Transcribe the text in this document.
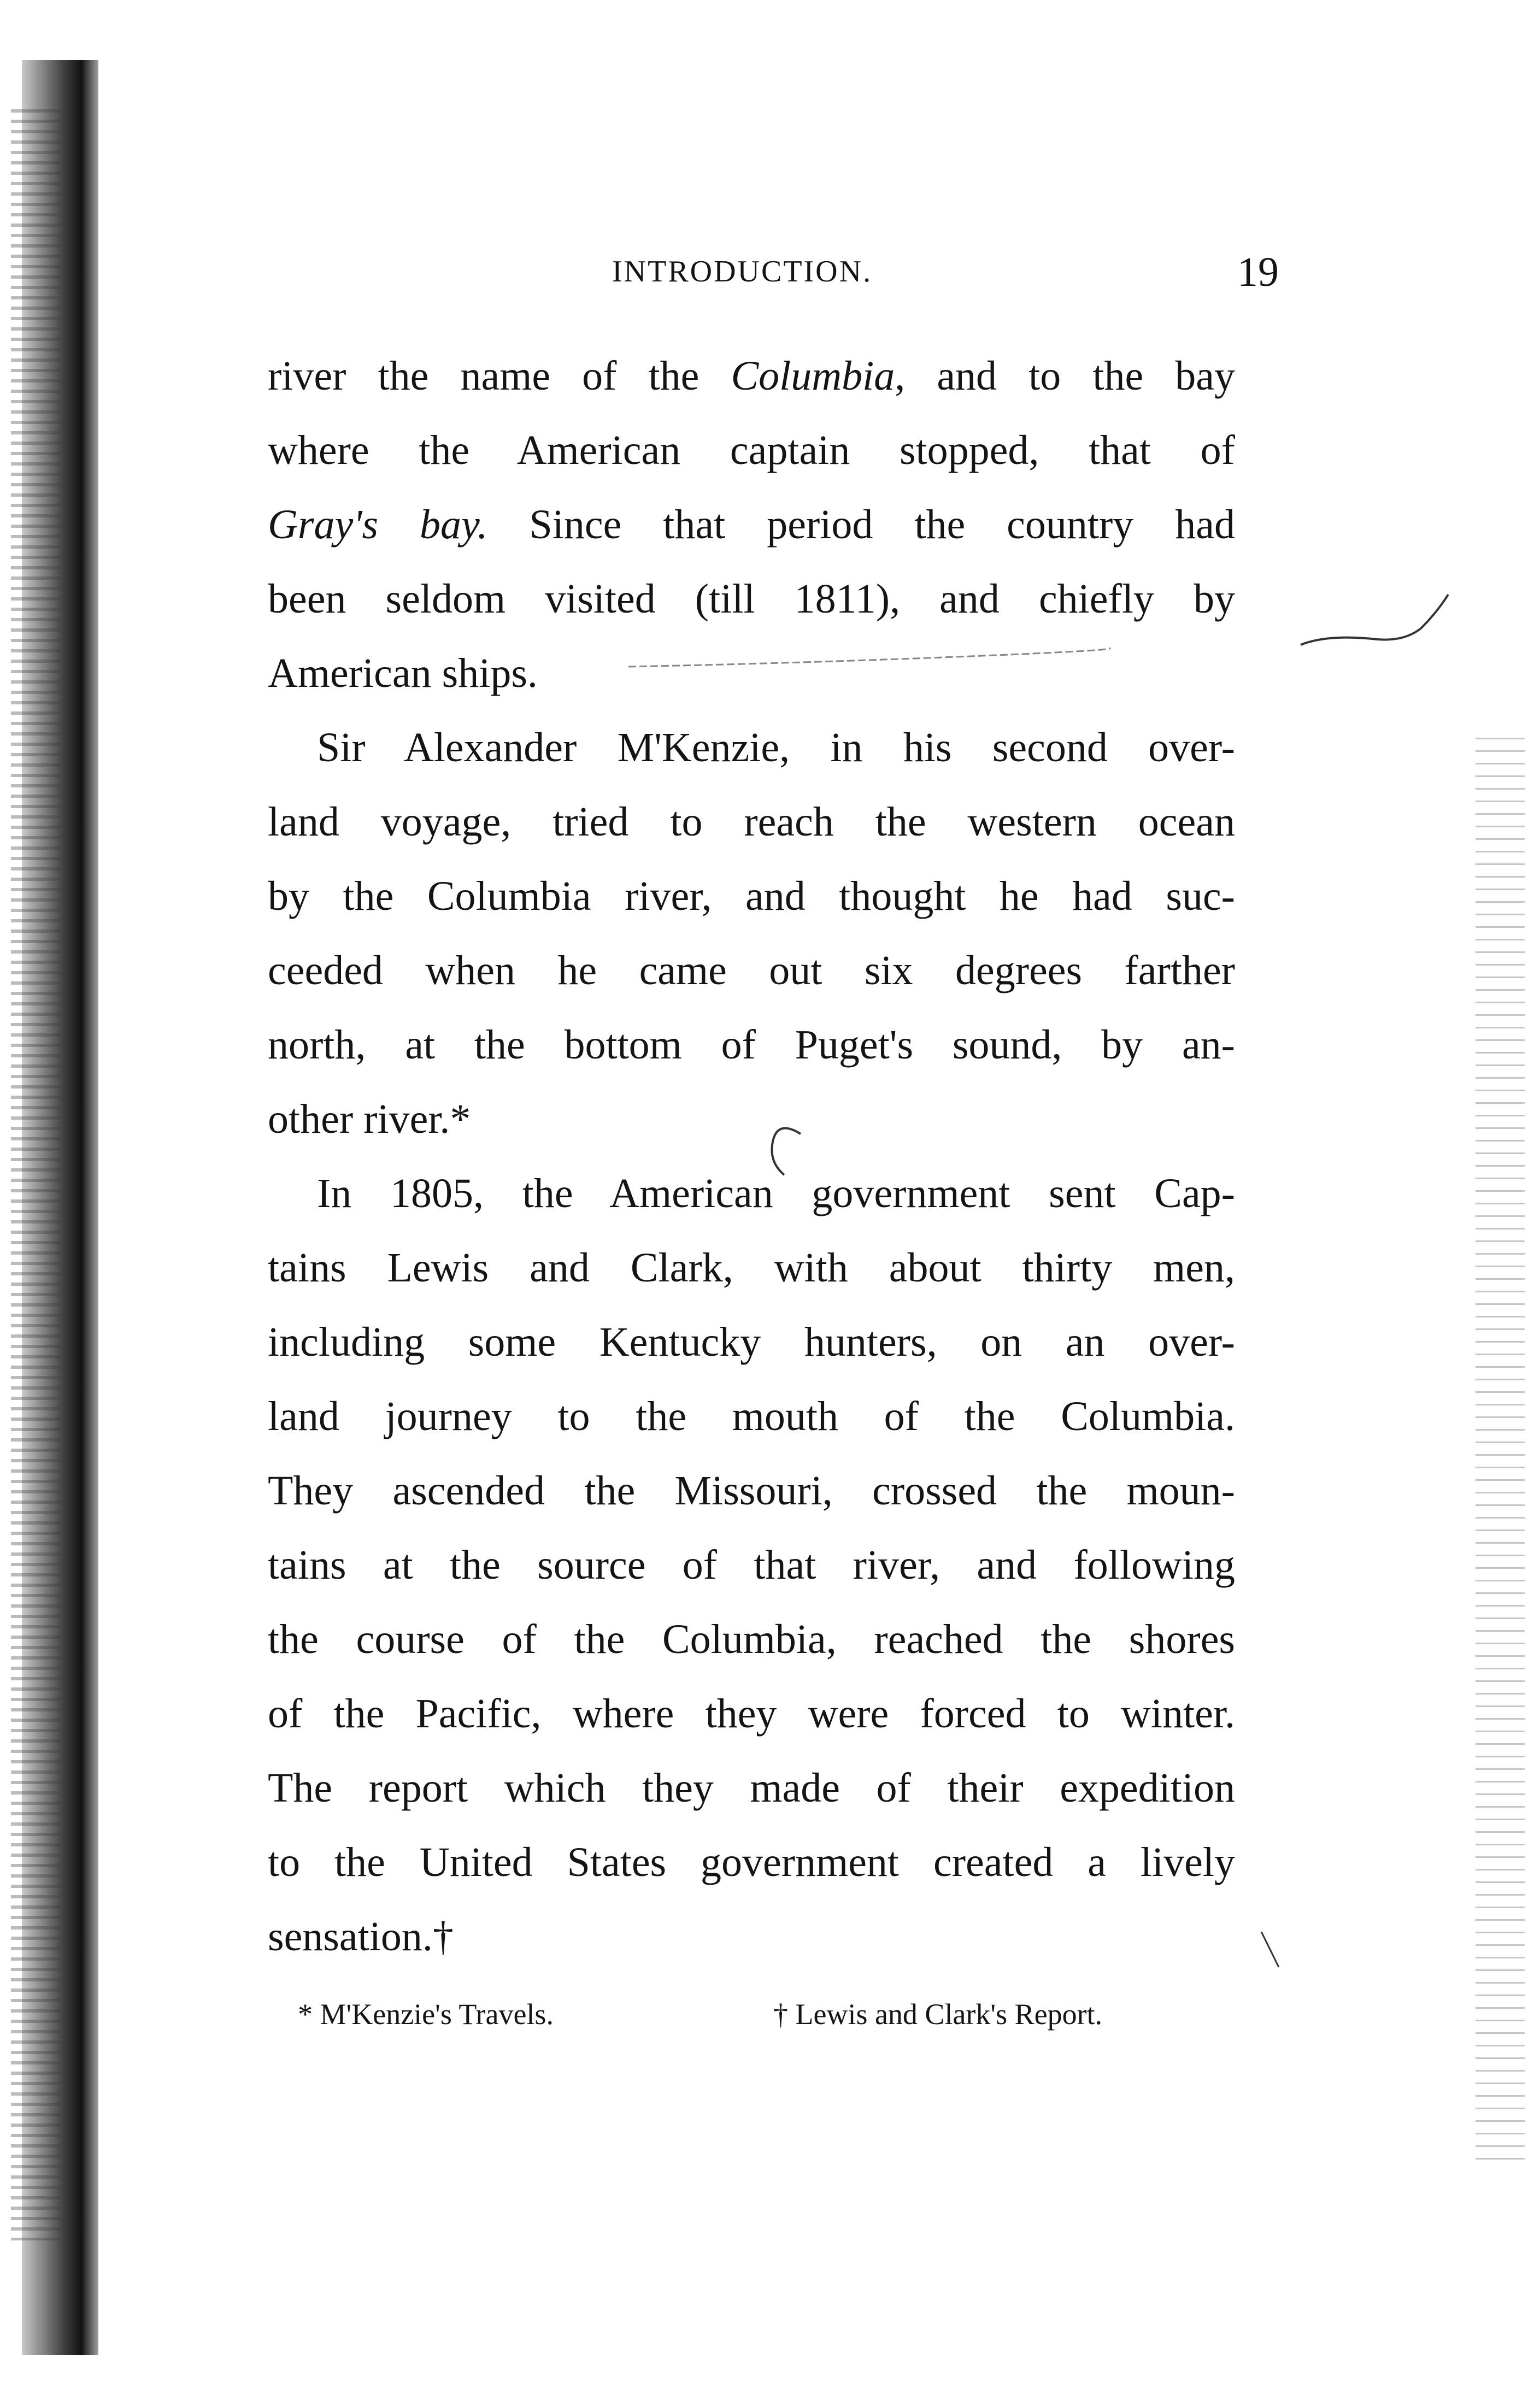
INTRODUCTION.	19
river the name of the Columbia, and to the bay
where the American captain stopped, that of
Gray's bay. Since that period the country had
been seldom visited (till 1811), and chiefly by
American ships.
Sir Alexander M'Kenzie, in his second over-
land voyage, tried to reach the western ocean
by the Columbia river, and thought he had suc-
ceeded when he came out six degrees farther
north, at the bottom of Puget's sound, by an-
other river.*
In 1805, the American government sent Cap-
tains Lewis and Clark, with about thirty men,
including some Kentucky hunters, on an over-
land journey to the mouth of the Columbia.
They ascended the Missouri, crossed the moun-
tains at the source of that river, and following
the course of the Columbia, reached the shores
of the Pacific, where they were forced to winter.
The report which they made of their expedition
to the United States government created a lively
sensation.†
* M'Kenzie's Travels.	† Lewis and Clark's Report.
